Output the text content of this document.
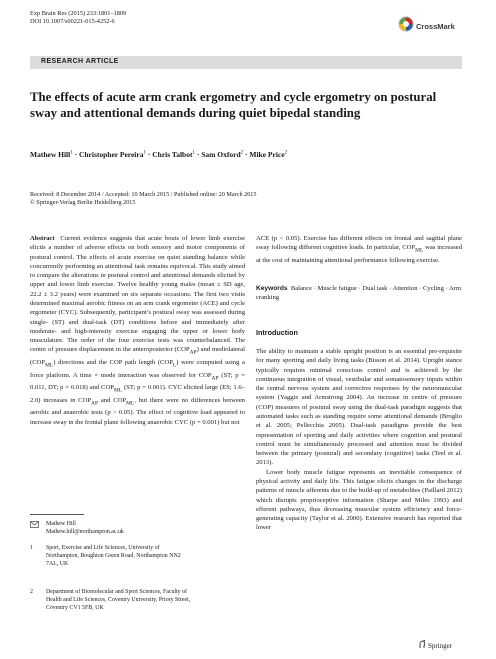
Exp Brain Res (2015) 233:1801–1809
DOI 10.1007/s00221-015-4252-6
CrossMark
RESEARCH ARTICLE
The effects of acute arm crank ergometry and cycle ergometry on postural sway and attentional demands during quiet bipedal standing
Mathew Hill$^1$ · Christopher Pereira$^1$ · Chris Talbot$^1$ · Sam Oxford$^2$ · Mike Price$^2$
Received: 8 December 2014 / Accepted: 10 March 2015 / Published online: 20 March 2015
© Springer-Verlag Berlin Heidelberg 2015

Abstract Current evidence suggests that acute bouts of lower limb exercise elicits a number of adverse effects on both sensory and motor components of postural control. The effects of acute exercise on quiet standing balance while concurrently performing an attentional task remains equivocal. This study aimed to compare the alterations in postural control and attentional demands elicited by upper and lower limb exercise. Twelve healthy young males (mean ± SD age, 22.2 ± 3.2 years) were examined on six separate occasions. The first two visits determined maximal aerobic fitness on an arm crank ergometer (ACE) and cycle ergometer (CYC). Subsequently, participant’s postural sway was assessed during single- (ST) and dual-task (DT) conditions before and immediately after moderate- and high-intensity exercise engaging the upper or lower body musculature. The order of the four exercise tests was counterbalanced. The centre of pressure displacement in the anteroposterior $(COP_{AP})$ and mediolateral $(COP_{ML})$ directions and the COP path length $(COP_L)$ were computed using a force platform. A time × mode interaction was observed for $COP_{AP}$ (ST; p = 0.011, DT; p = 0.018) and $COP_{ML}$ (ST; p = 0.001). CYC elicited large (ES; 1.6–2.0) increases in $COP_{AP}$ and $COP_{ML}$, but there were no differences between aerobic and anaerobic tests (p > 0.05). The effect of cognitive load appeared to increase sway in the frontal plane following anaerobic CYC (p = 0.001) but not

ACE (p < 0.05). Exercise has different effects on frontal and sagittal plane sway following different cognitive loads. In particular, $COP_{ML}$ was increased at the cost of maintaining attentional performance following exercise.

Keywords Balance · Muscle fatigue · Dual task · Attention · Cycling · Arm cranking
Introduction

The ability to maintain a stable upright position is an essential pre-requisite for many sporting and daily living tasks (Bisson et al. 2014). Upright stance typically requires minimal conscious control and is achieved by the continuous integration of visual, vestibular and somatosensory inputs within the central nervous system and corrective responses by the neuromuscular system (Yaggie and Armstrong 2004). An increase in centre of pressure (COP) measures of postural sway using the dual-task paradigm suggests that automated tasks such as standing require some attentional demands (Broglio et al. 2005; Pellecchia 2005). Dual-task paradigms provide the best representation of sporting and daily activities where cognition and postural control must be simultaneously processed and attention must be divided between the primary (postural) and secondary (cognitive) tasks (Teel et al. 2013).

Lower body muscle fatigue represents an inevitable consequence of physical activity and daily life. This fatigue elicits changes in the discharge patterns of muscle afferents due to the build-up of metabolites (Paillard 2012) which disrupts proprioceptive information (Sharpe and Miles 1993) and efferent pathways, thus decreasing muscular system efficiency and force-generating capacity (Taylor et al. 2000). Extensive research has reported that lower

Mathew Hill
Mathew.hill@northampton.ac.uk
1	Sport, Exercise and Life Sciences, University of Northampton, Boughton Green Road, Northampton NN2 7AL, UK
2	Department of Biomolecular and Sport Sciences, Faculty of Health and Life Sciences, Coventry University, Priory Street, Coventry CV1 5FB, UK
Springer
